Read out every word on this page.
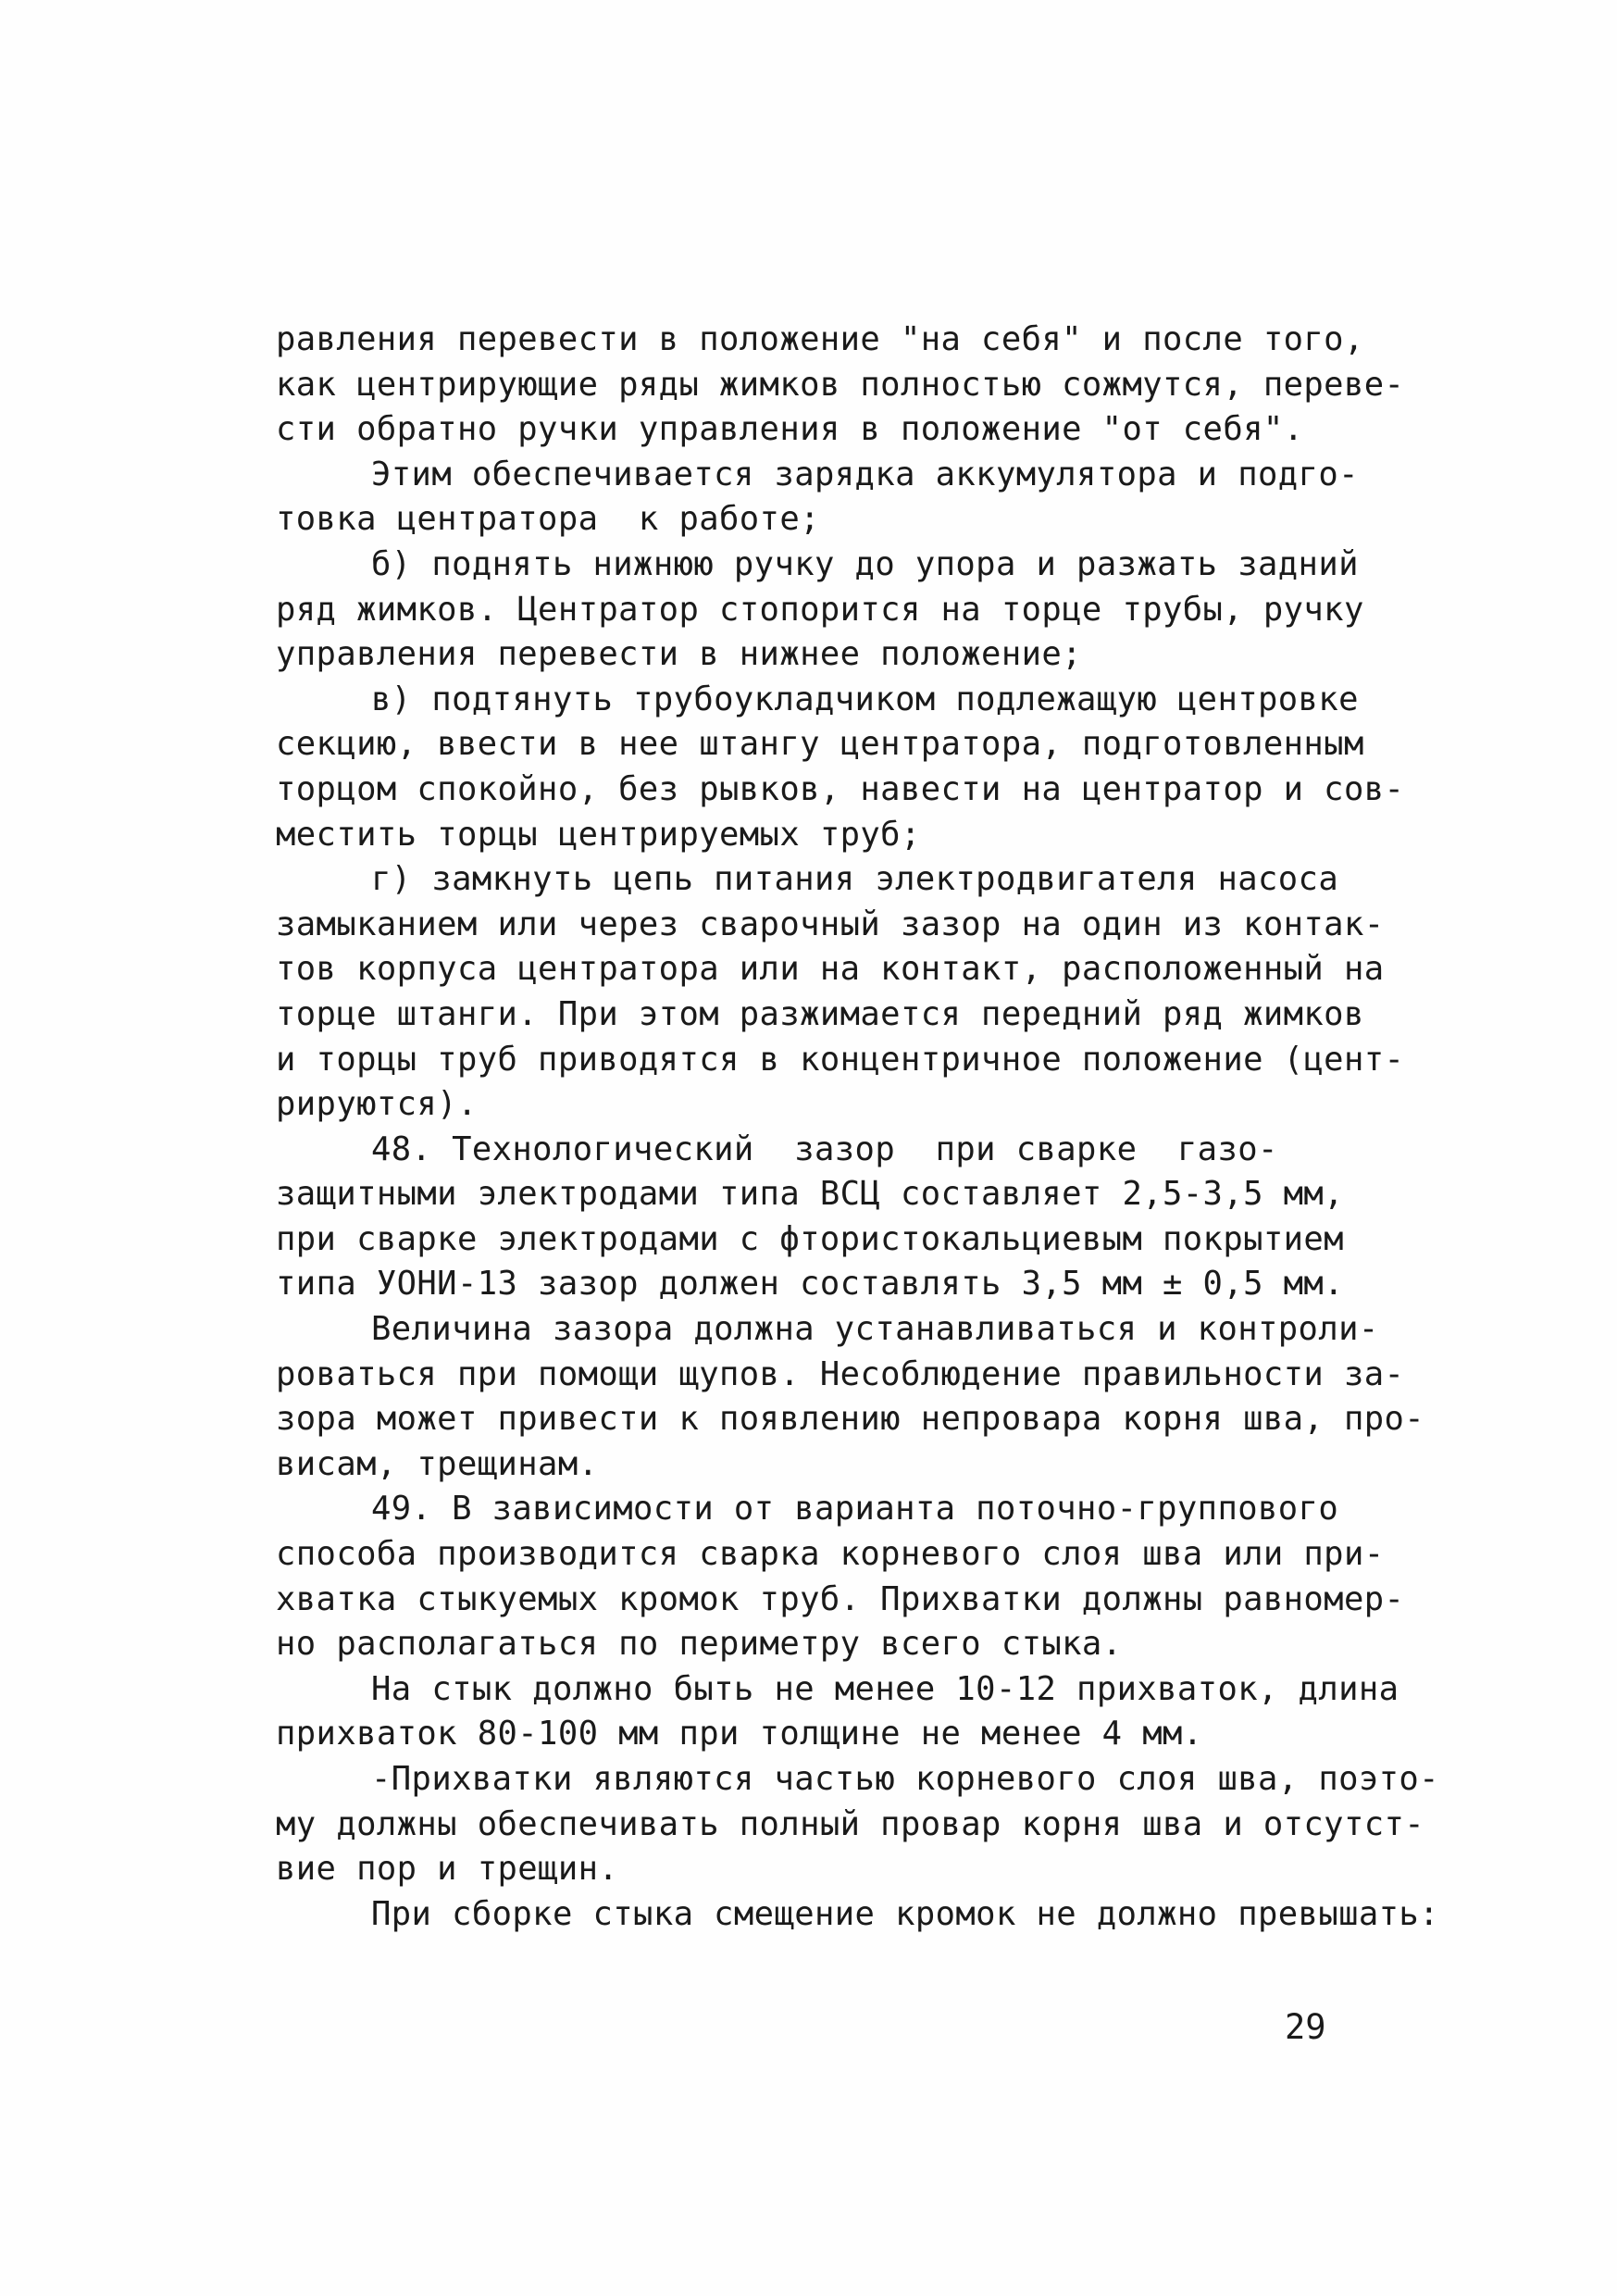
равления перевести в положение "на себя" и после того,
как центрирующие ряды жимков полностью сожмутся, переве-
сти обратно ручки управления в положение "от себя".
Этим обеспечивается зарядка аккумулятора и подго-
товка центратора  к работе;
б) поднять нижнюю ручку до упора и разжать задний
ряд жимков. Центратор стопорится на торце трубы, ручку
управления перевести в нижнее положение;
в) подтянуть трубоукладчиком подлежащую центровке
секцию, ввести в нее штангу центратора, подготовленным
торцом спокойно, без рывков, навести на центратор и сов-
местить торцы центрируемых труб;
г) замкнуть цепь питания электродвигателя насоса
замыканием или через сварочный зазор на один из контак-
тов корпуса центратора или на контакт, расположенный на
торце штанги. При этом разжимается передний ряд жимков
и торцы труб приводятся в концентричное положение (цент-
рируются).
48. Технологический  зазор  при сварке  газо-
защитными электродами типа ВСЦ составляет 2,5-3,5 мм,
при сварке электродами с фтористокальциевым покрытием
типа УОНИ-13 зазор должен составлять 3,5 мм ± 0,5 мм.
Величина зазора должна устанавливаться и контроли-
роваться при помощи щупов. Несоблюдение правильности за-
зора может привести к появлению непровара корня шва, про-
висам, трещинам.
49. В зависимости от варианта поточно-группового
способа производится сварка корневого слоя шва или при-
хватка стыкуемых кромок труб. Прихватки должны равномер-
но располагаться по периметру всего стыка.
На стык должно быть не менее 10-12 прихваток, длина
прихваток 80-100 мм при толщине не менее 4 мм.
-Прихватки являются частью корневого слоя шва, поэто-
му должны обеспечивать полный провар корня шва и отсутст-
вие пор и трещин.
При сборке стыка смещение кромок не должно превышать:
29
